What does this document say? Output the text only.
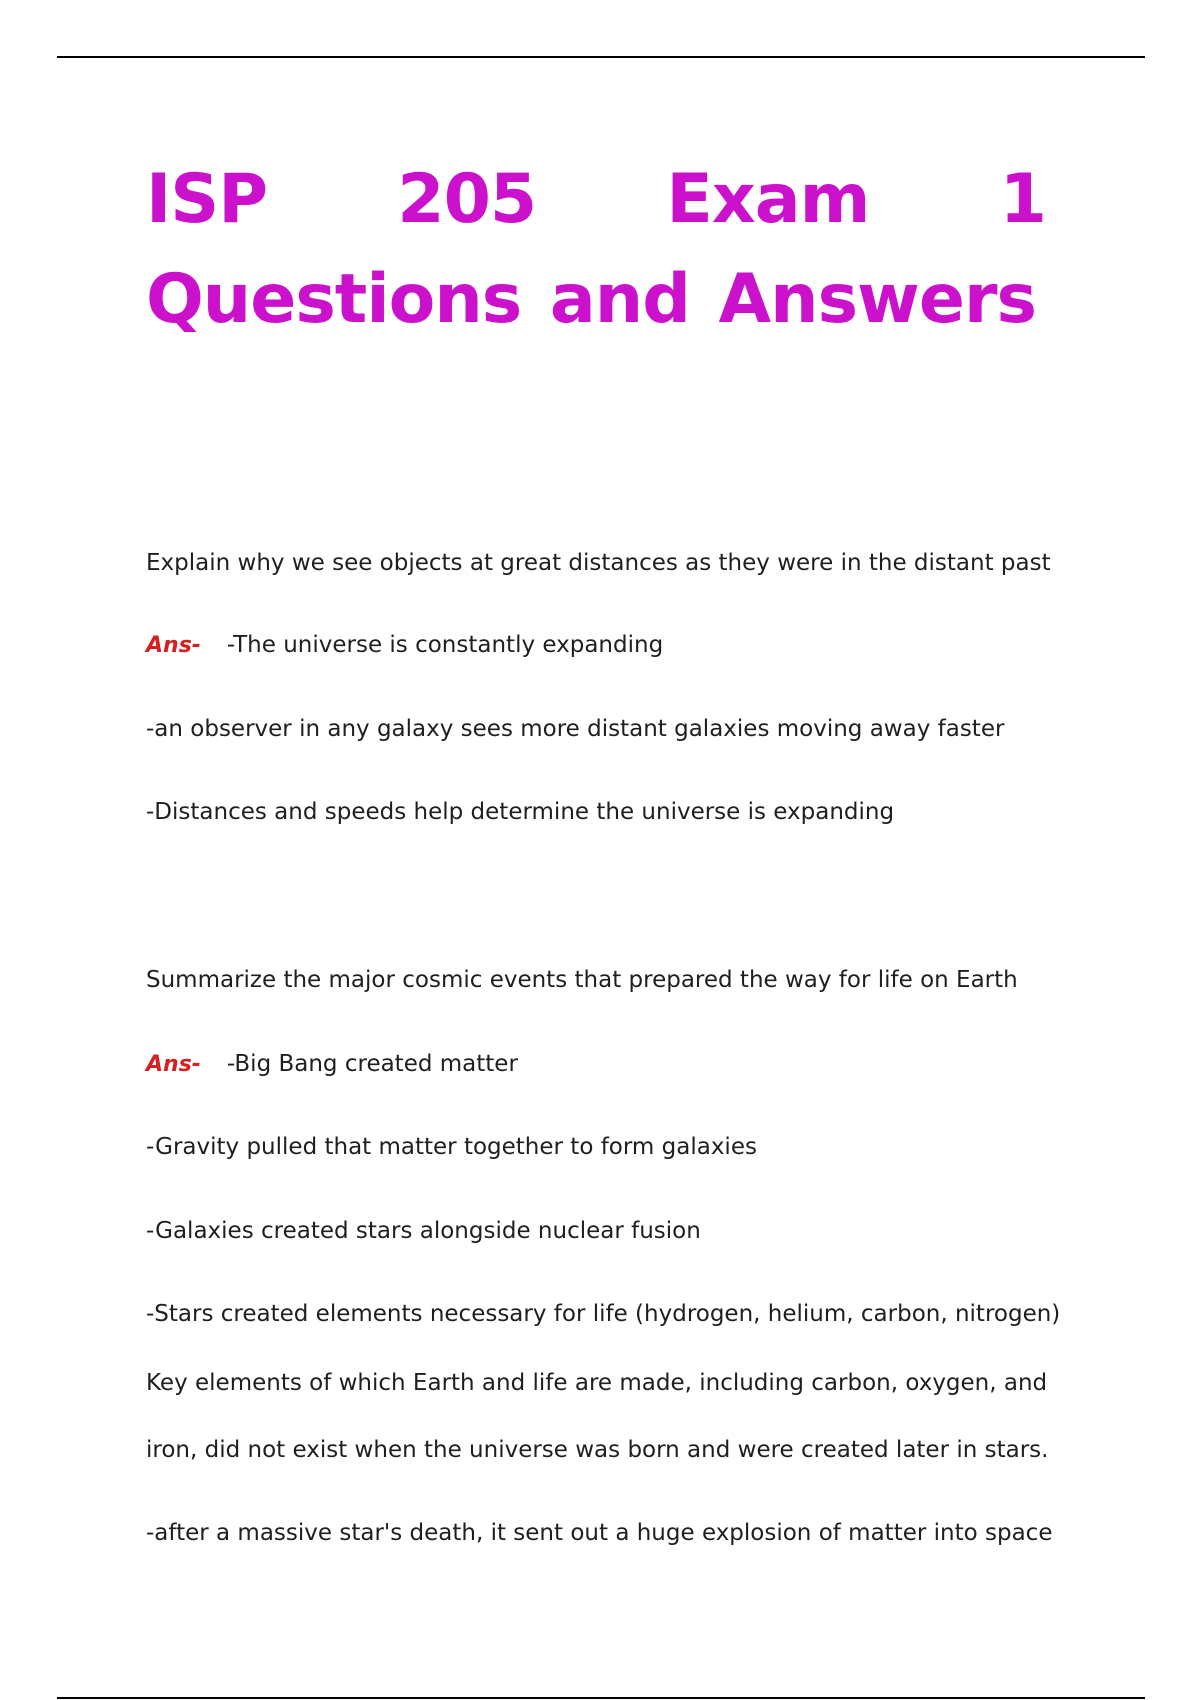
ISP 205 Exam 1
Questions and Answers
Explain why we see objects at great distances as they were in the distant past
Ans- -The universe is constantly expanding
-an observer in any galaxy sees more distant galaxies moving away faster
-Distances and speeds help determine the universe is expanding
Summarize the major cosmic events that prepared the way for life on Earth
Ans- -Big Bang created matter
-Gravity pulled that matter together to form galaxies
-Galaxies created stars alongside nuclear fusion
-Stars created elements necessary for life (hydrogen, helium, carbon, nitrogen)
Key elements of which Earth and life are made, including carbon, oxygen, and
iron, did not exist when the universe was born and were created later in stars.
-after a massive star's death, it sent out a huge explosion of matter into space
